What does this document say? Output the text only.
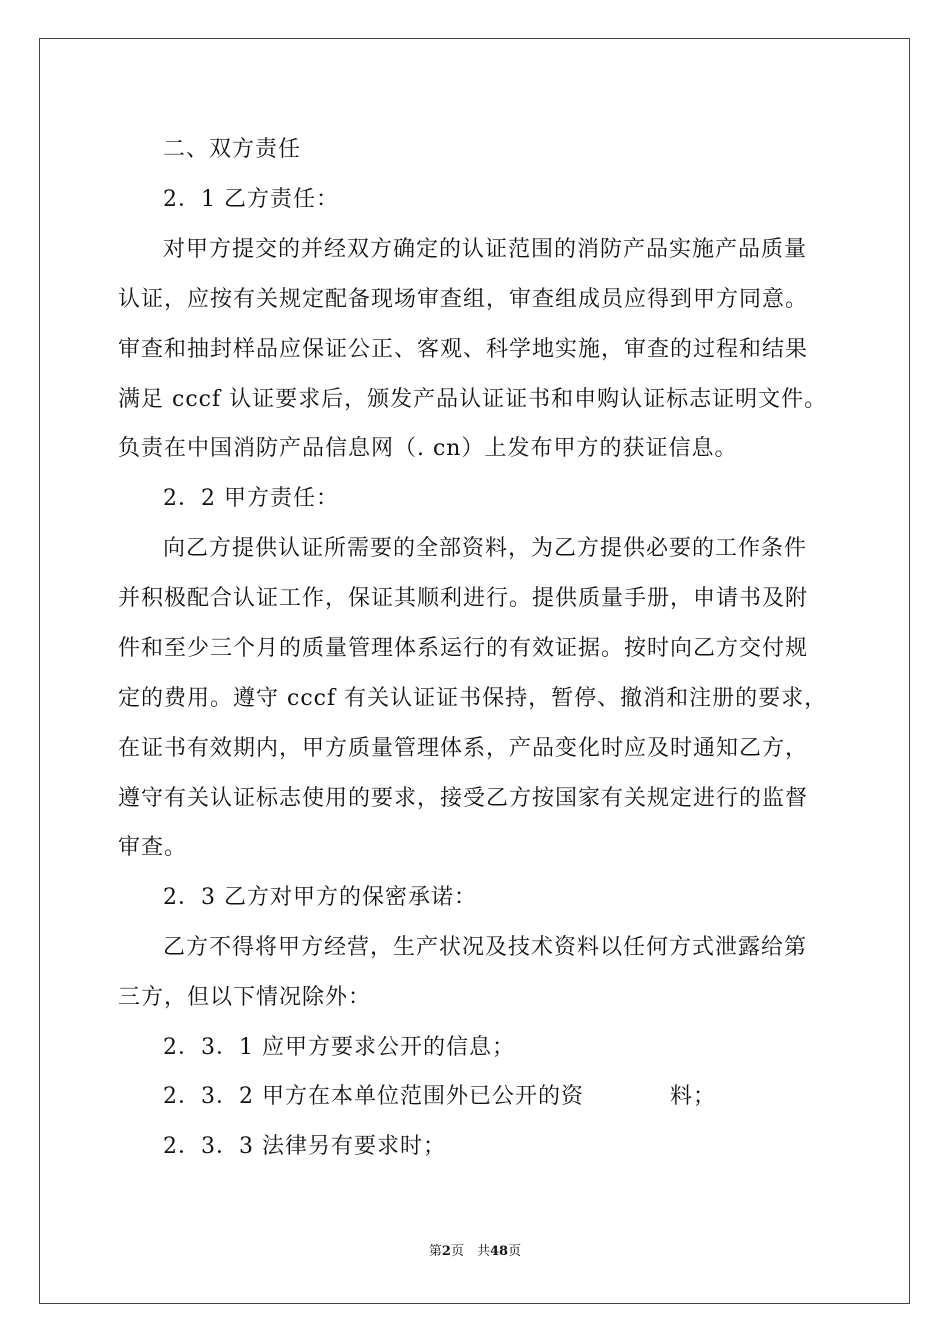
二、双方责任
2．1 乙方责任：
对甲方提交的并经双方确定的认证范围的消防产品实施产品质量
认证，应按有关规定配备现场审查组，审查组成员应得到甲方同意。
审查和抽封样品应保证公正、客观、科学地实施，审查的过程和结果
满足 cccf 认证要求后，颁发产品认证证书和申购认证标志证明文件。
负责在中国消防产品信息网（. cn）上发布甲方的获证信息。
2．2 甲方责任：
向乙方提供认证所需要的全部资料，为乙方提供必要的工作条件
并积极配合认证工作，保证其顺利进行。提供质量手册，申请书及附
件和至少三个月的质量管理体系运行的有效证据。按时向乙方交付规
定的费用。遵守 cccf 有关认证证书保持，暂停、撤消和注册的要求，
在证书有效期内，甲方质量管理体系，产品变化时应及时通知乙方，
遵守有关认证标志使用的要求，接受乙方按国家有关规定进行的监督
审查。
2．3 乙方对甲方的保密承诺：
乙方不得将甲方经营，生产状况及技术资料以任何方式泄露给第
三方，但以下情况除外：
2．3．1 应甲方要求公开的信息；
2．3．2 甲方在本单位范围外已公开的资	料；
2．3．3 法律另有要求时；
第2页　共48页
